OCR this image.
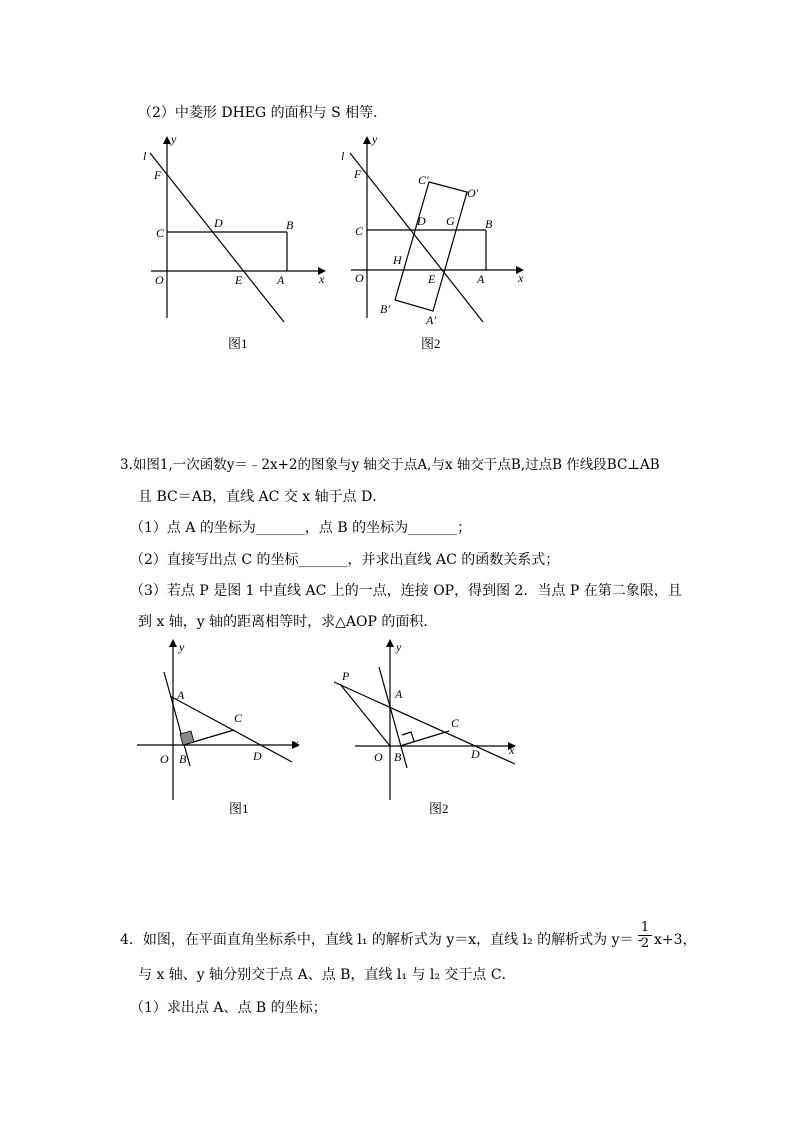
（2）中菱形 DHEG 的面积与 S 相等．
l
y
x
F
C
D	B
O	E	A
图1
l
y
x
F
C
C′
O′
D G	B
H
O	E	A
B′
A′
图2
3.如图1,一次函数y＝﹣2x+2的图象与y 轴交于点A,与x 轴交于点B,过点B 作线段BC⊥AB
且 BC＝AB，直线 AC 交 x 轴于点 D．
（1）点 A 的坐标为_______，点 B 的坐标为_______；
（2）直接写出点 C 的坐标_______，并求出直线 AC 的函数关系式；
（3）若点 P 是图 1 中直线 AC 上的一点，连接 OP，得到图 2．当点 P 在第二象限，且
到 x 轴，y 轴的距离相等时，求△AOP 的面积．
y
x
A
C
O B	D
图1
y
x
P
A
C
O B	D
图2
4．如图，在平面直角坐标系中，直线 l₁ 的解析式为 y＝x，直线 l₂ 的解析式为 y＝ -
1
2 x+3，
与 x 轴、y 轴分别交于点 A、点 B，直线 l₁ 与 l₂ 交于点 C．
（1）求出点 A、点 B 的坐标；
